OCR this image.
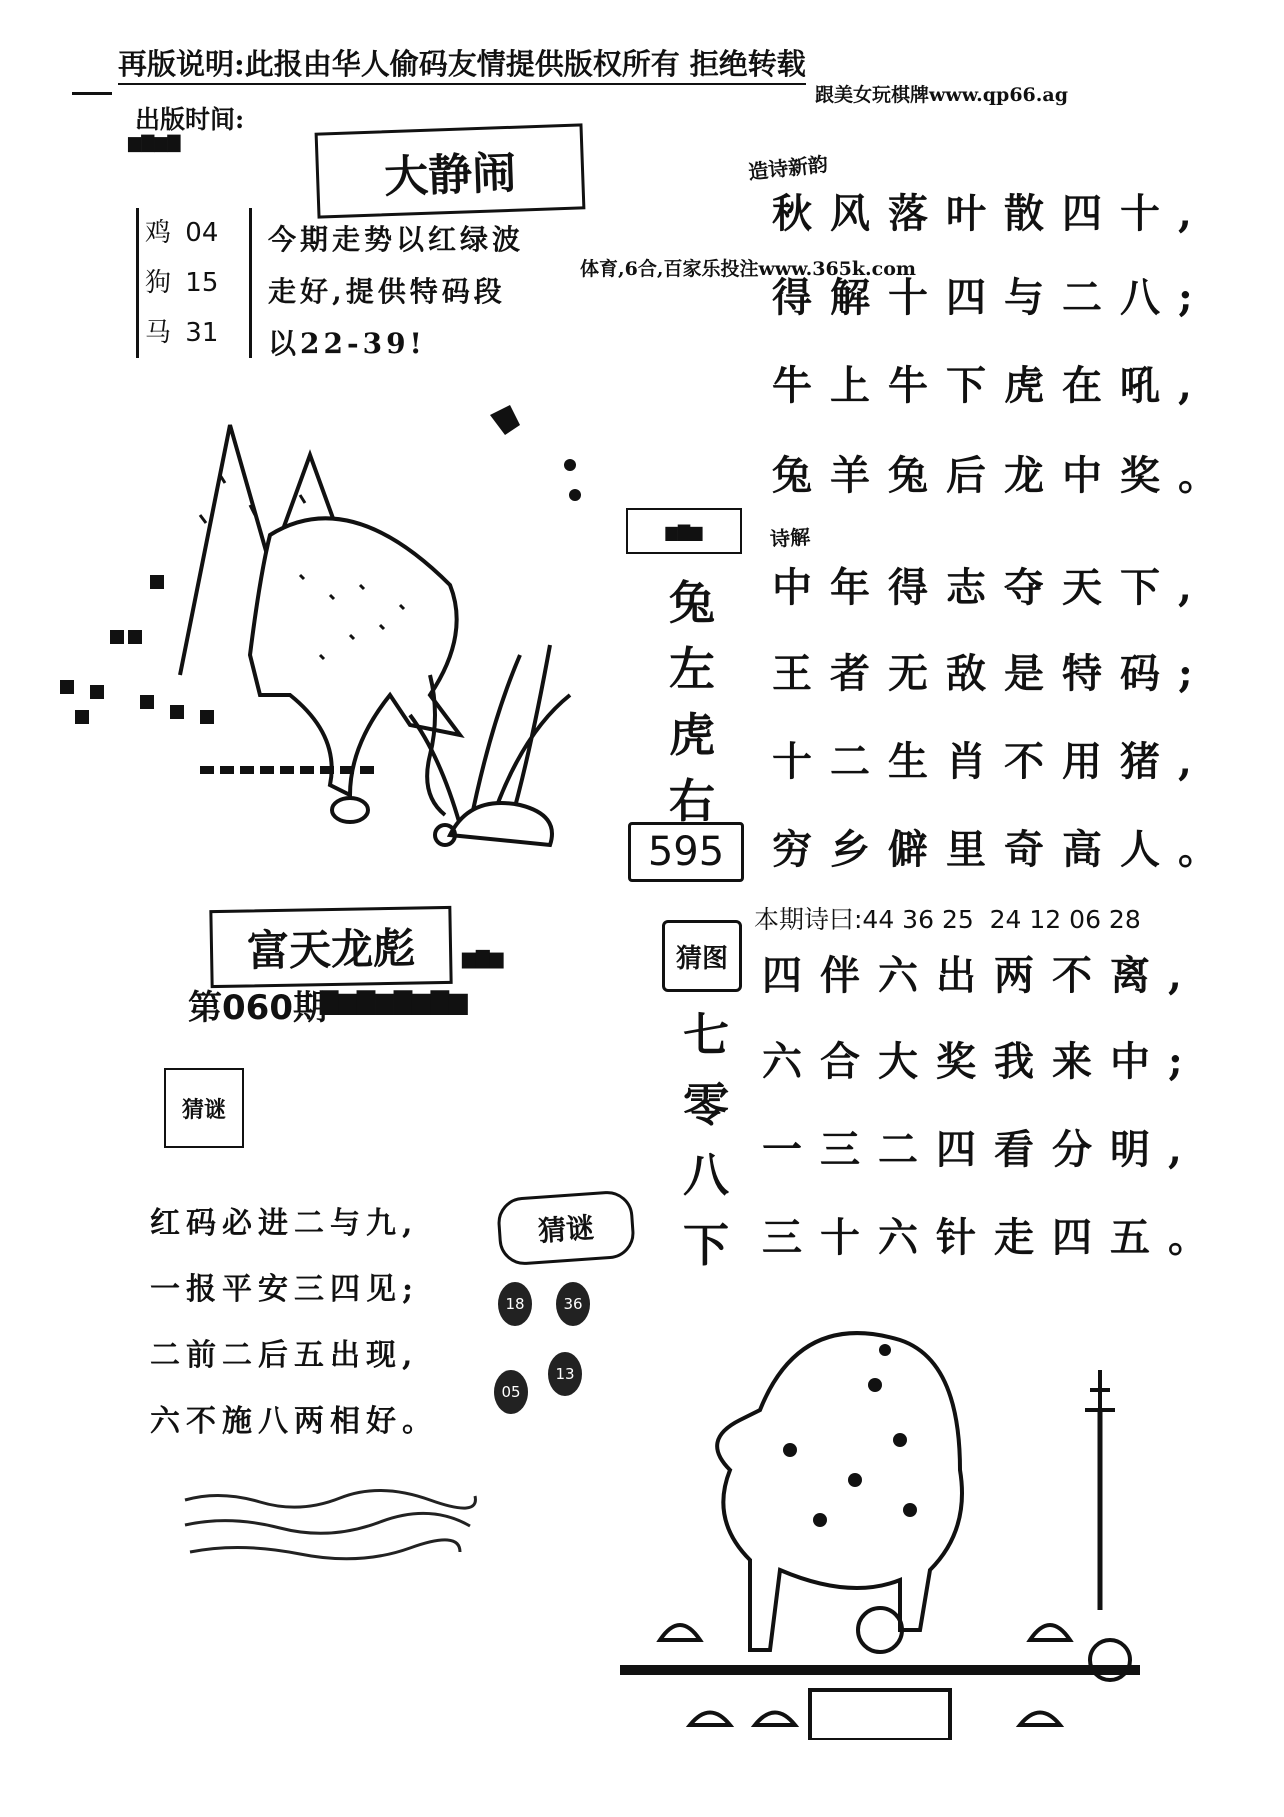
再版说明:此报由华人偷码友情提供版权所有 拒绝转载
跟美女玩棋牌www.qp66.ag
出版时间:
▆▇▆▇
大静闹
鸡 04
狗 15
马 31
今期走势以红绿波
走好,提供特码段
以22-39!
体育,6合,百家乐投注www.365k.com
造诗新韵
秋风落叶散四十,
得解十四与二八;
牛上牛下虎在吼,
兔羊兔后龙中奖。
诗解
中年得志夺天下,
王者无敌是特码;
十二生肖不用猪,
穷乡僻里奇高人。
▆▇▆
兔
左
虎
右
595
本期诗曰:44 36 25  24 12 06 28
猜图
七
零
八
下
四伴六出两不离,
六合大奖我来中;
一三二四看分明,
三十六针走四五。
富天龙彪	▆▇▆
第060期
▇▆▇▆▇▆▇▆
猜谜
红码必进二与九,
一报平安三四见;
二前二后五出现,
六不施八两相好。
猜谜
18	36
05
13
